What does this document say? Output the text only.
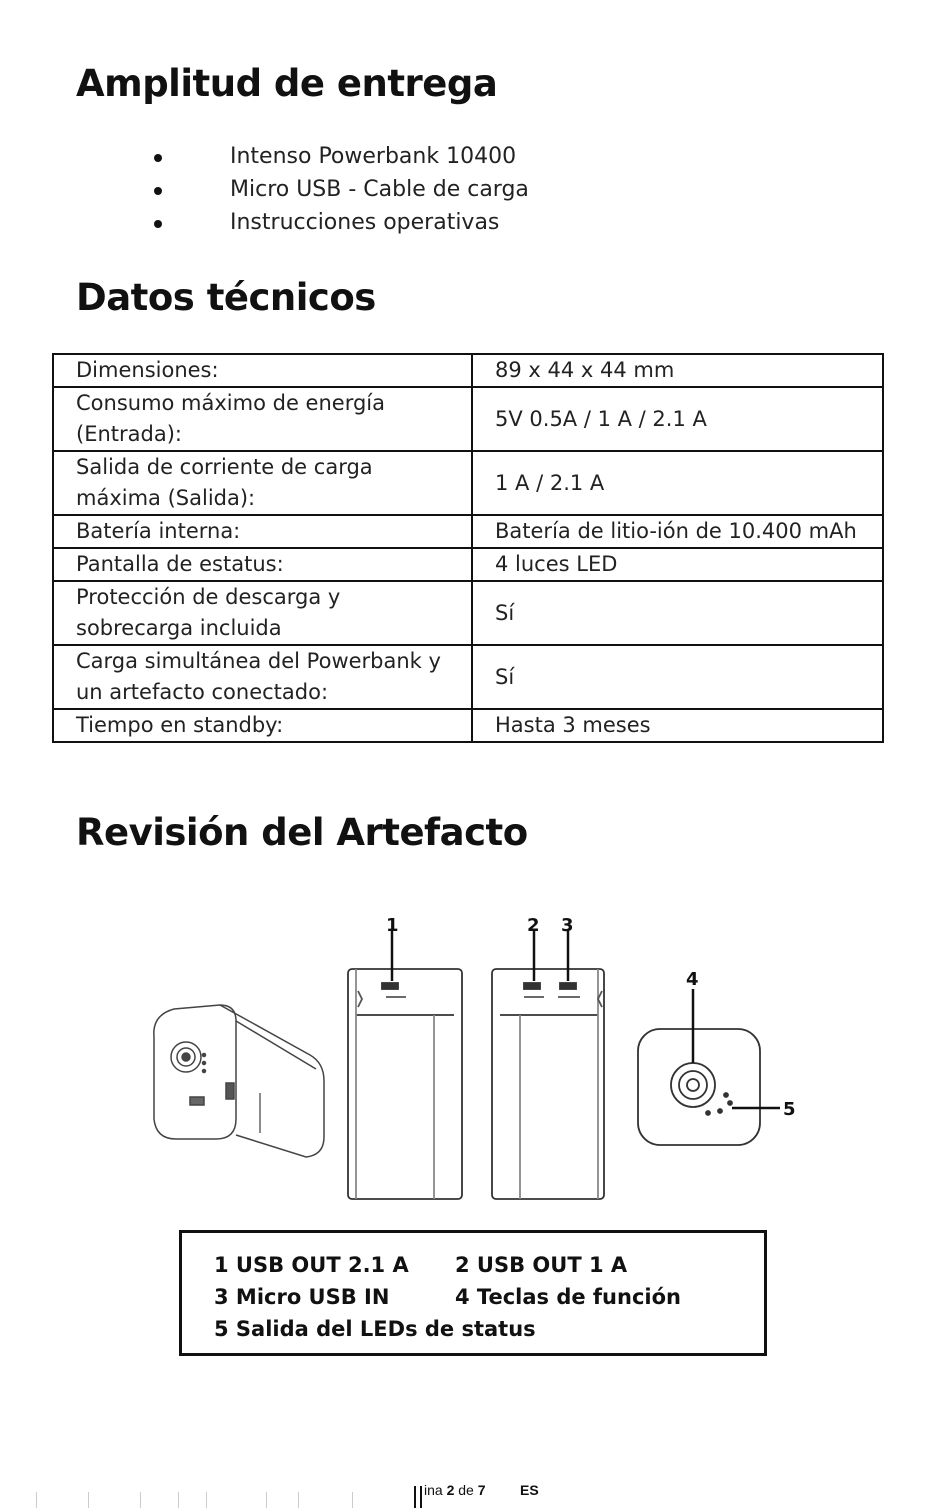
Amplitud de entrega
Intenso Powerbank 10400
Micro USB - Cable de carga
Instrucciones operativas
Datos técnicos
Dimensiones:	89 x 44 x 44 mm
Consumo máximo de energía (Entrada):	5V 0.5A / 1 A / 2.1 A
Salida de corriente de carga máxima (Salida):	1 A / 2.1 A
Batería interna:	Batería de litio-ión de 10.400 mAh
Pantalla de estatus:	4 luces LED
Protección de descarga y sobrecarga incluida	Sí
Carga simultánea del Powerbank y un artefacto conectado:	Sí
Tiempo en standby:	Hasta 3 meses
Revisión del Artefacto
1	2 3
4
5
1 USB OUT 2.1 A 2 USB OUT 1 A
3 Micro USB IN	4 Teclas de función
5 Salida del LEDs de status
ina 2 de 7 ES
